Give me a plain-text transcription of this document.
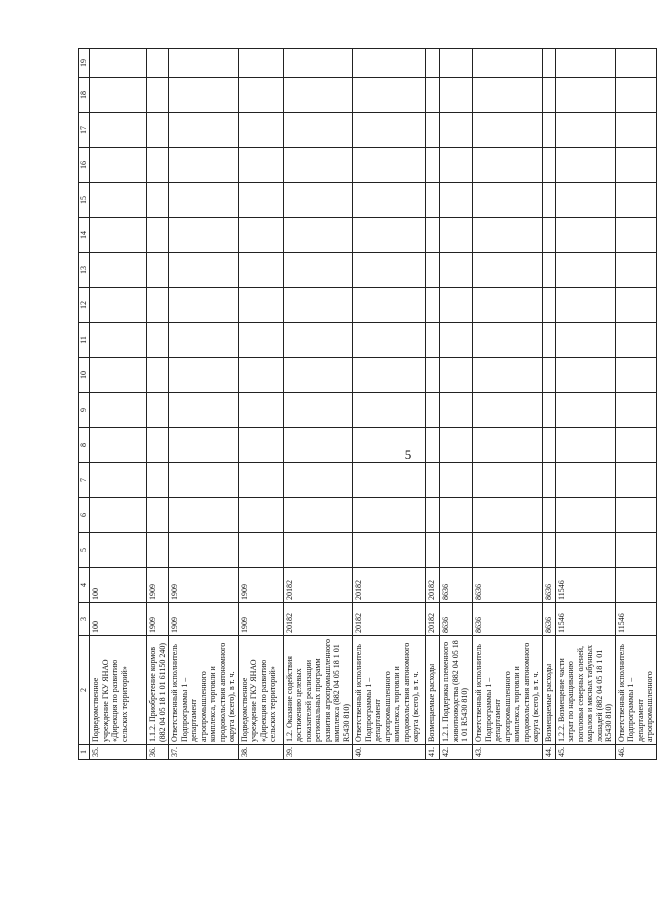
5
1	2	3	4	5	6	7	8	9	10	11	12	13	14	15	16	17	18	19
35.	Подведомственное учреждение ГКУ ЯНАО «Дирекция по развитию сельских территорий»	100	100															
36.	1.1.2. Приобретение кормов (882 04 05 18 1 01 61150 240)	1909	1909															
37.	Ответственный исполнитель Подпрограммы 1 – департамент агропромышленного комплекса, торговли и продовольствия автономного округа (всего), в т. ч.	1909	1909															
38.	Подведомственное учреждение ГКУ ЯНАО «Дирекция по развитию сельских территорий»	1909	1909															
39.	1.2. Оказание содействия достижению целевых показателей реализации региональных программ развития агропромышленного комплекса (882 04 05 18 1 01 R5430 810)	20182	20182															
40.	Ответственный исполнитель Подпрограммы 1 – департамент агропромышленного комплекса, торговли и продовольствия автономного округа (всего), в т. ч.	20182	20182															
41.	Возмещаемые расходы	20182	20182															
42.	1.2.1. Поддержка племенного животноводства (882 04 05 18 1 01 R5430 810)	8636	8636															
43.	Ответственный исполнитель Подпрограммы 1 – департамент агропромышленного комплекса, торговли и продовольствия автономного округа (всего), в т. ч.	8636	8636															
44.	Возмещаемые расходы	8636	8636															
45.	1.2.2. Возмещение части затрат по наращиванию поголовья северных оленей, маралов и мясных табунных лошадей (882 04 05 18 1 01 R5430 810)	11546	11546															
46.	Ответственный исполнитель Подпрограммы 1 – департамент агропромышленного	11546																
